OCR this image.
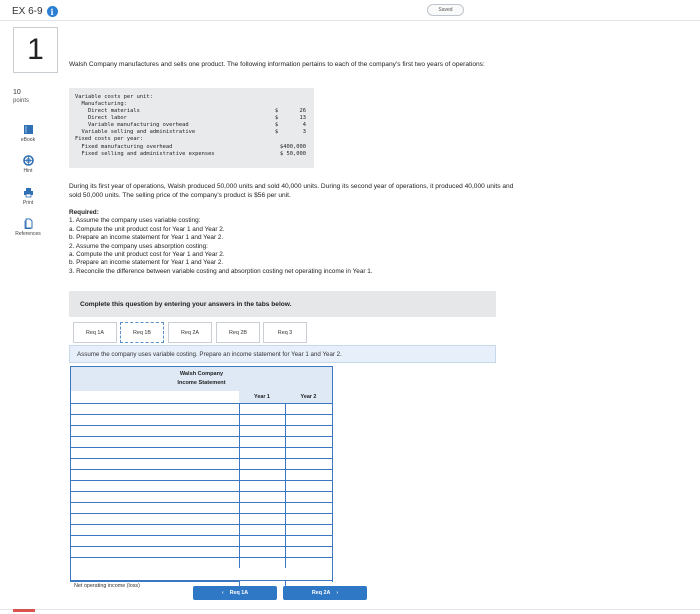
EX 6-9 i	Saved
1
10
points
eBook
Hint
Print
References
Walsh Company manufactures and sells one product. The following information pertains to each of the company's first two years of operations:
Variable costs per unit:
Manufacturing:
Direct materials	$	26
Direct labor	$	13
Variable manufacturing overhead	$	4
Variable selling and administrative	$	3
Fixed costs per year:
Fixed manufacturing overhead	$400,000
Fixed selling and administrative expenses	$ 50,000
During its first year of operations, Walsh produced 50,000 units and sold 40,000 units. During its second year of operations, it produced 40,000 units and sold 50,000 units. The selling price of the company's product is $56 per unit.
Required:
1. Assume the company uses variable costing:
a. Compute the unit product cost for Year 1 and Year 2.
b. Prepare an income statement for Year 1 and Year 2.
2. Assume the company uses absorption costing:
a. Compute the unit product cost for Year 1 and Year 2.
b. Prepare an income statement for Year 1 and Year 2.
3. Reconcile the difference between variable costing and absorption costing net operating income in Year 1.
Complete this question by entering your answers in the tabs below.
Req 1A	Req 1B	Req 2A	Req 2B	Req 3
Assume the company uses variable costing. Prepare an income statement for Year 1 and Year 2.
Walsh Company
Income Statement
Year 1	Year 2
Net operating income (loss)
‹ Req 1A	Req 2A ›
